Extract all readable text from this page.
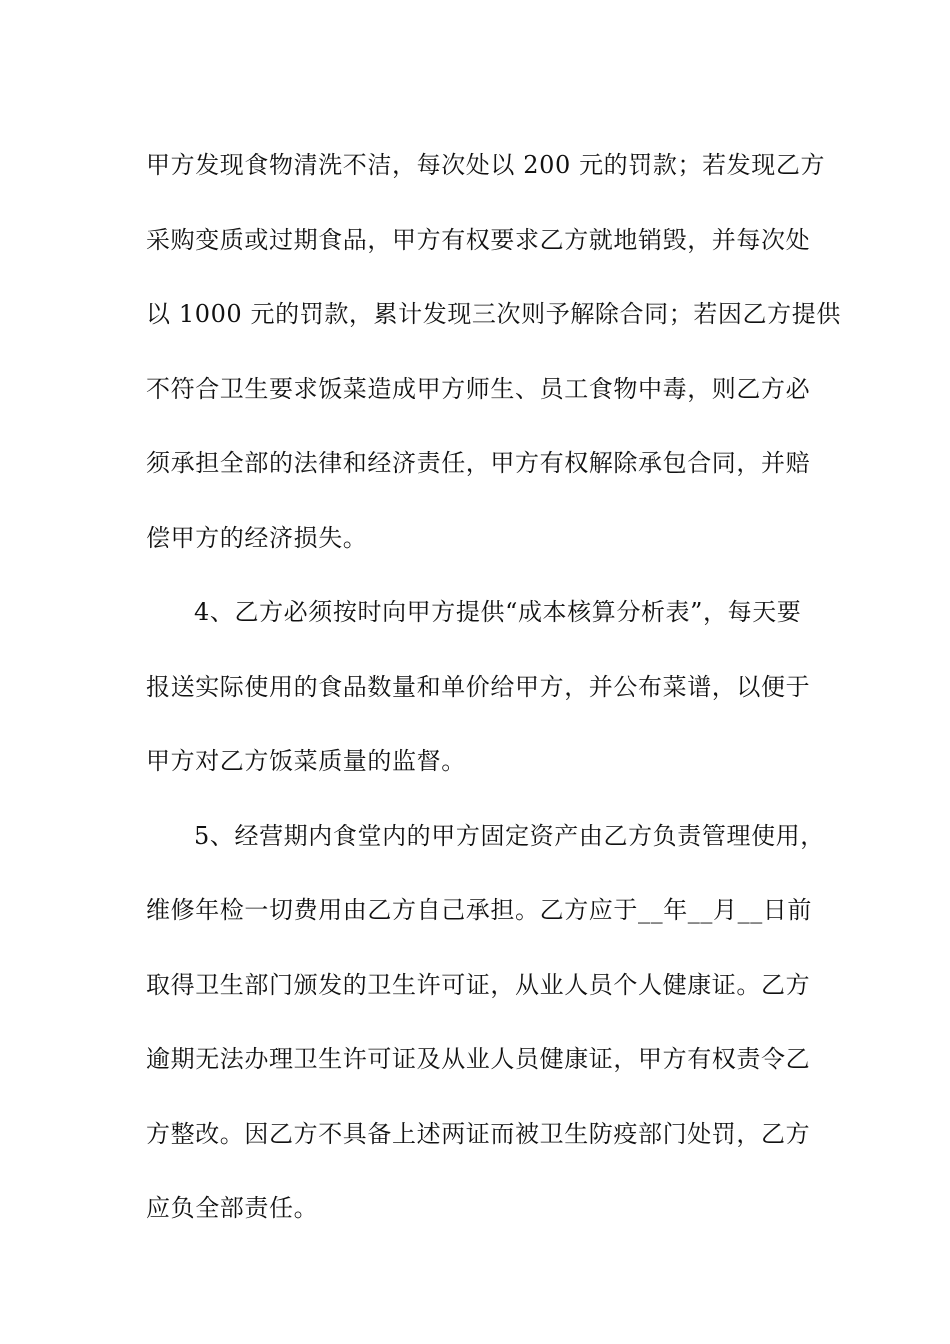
甲方发现食物清洗不洁，每次处以 200 元的罚款；若发现乙方
采购变质或过期食品，甲方有权要求乙方就地销毁，并每次处
以 1000 元的罚款，累计发现三次则予解除合同；若因乙方提供
不符合卫生要求饭菜造成甲方师生、员工食物中毒，则乙方必
须承担全部的法律和经济责任，甲方有权解除承包合同，并赔
偿甲方的经济损失。
4、乙方必须按时向甲方提供“成本核算分析表”，每天要
报送实际使用的食品数量和单价给甲方，并公布菜谱，以便于
甲方对乙方饭菜质量的监督。
5、经营期内食堂内的甲方固定资产由乙方负责管理使用，
维修年检一切费用由乙方自己承担。乙方应于__年__月__日前
取得卫生部门颁发的卫生许可证，从业人员个人健康证。乙方
逾期无法办理卫生许可证及从业人员健康证，甲方有权责令乙
方整改。因乙方不具备上述两证而被卫生防疫部门处罚，乙方
应负全部责任。
